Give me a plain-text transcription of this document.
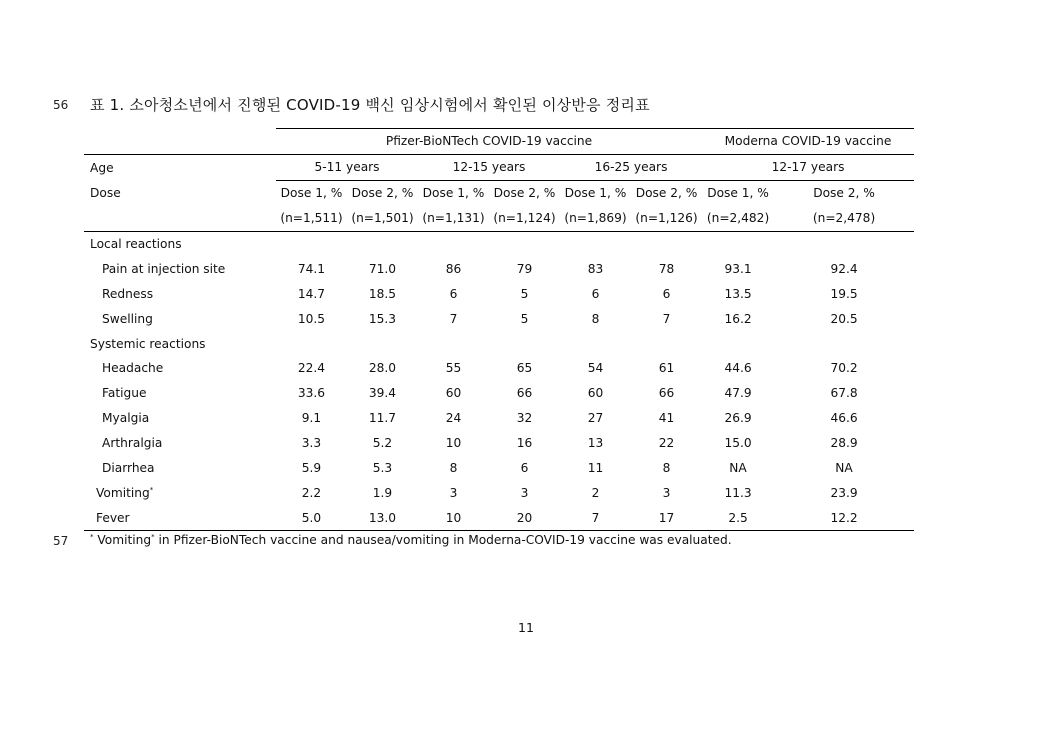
56 표 1. 소아청소년에서 진행된 COVID-19 백신 임상시험에서 확인된 이상반응 정리표
	Pfizer-BioNTech COVID-19 vaccine						Moderna COVID-19 vaccine	
Age	5-11 years		12-15 years		16-25 years		12-17 years	
Dose	Dose 1, %	Dose 2, %	Dose 1, %	Dose 2, %	Dose 1, %	Dose 2, %	Dose 1, %	Dose 2, %
	(n=1,511)	(n=1,501)	(n=1,131)	(n=1,124)	(n=1,869)	(n=1,126)	(n=2,482)	(n=2,478)
Local reactions								
Pain at injection site	74.1	71.0	86	79	83	78	93.1	92.4
Redness	14.7	18.5	6	5	6	6	13.5	19.5
Swelling	10.5	15.3	7	5	8	7	16.2	20.5
Systemic reactions								
Headache	22.4	28.0	55	65	54	61	44.6	70.2
Fatigue	33.6	39.4	60	66	60	66	47.9	67.8
Myalgia	9.1	11.7	24	32	27	41	26.9	46.6
Arthralgia	3.3	5.2	10	16	13	22	15.0	28.9
Diarrhea	5.9	5.3	8	6	11	8	NA	NA
Vomiting*	2.2	1.9	3	3	2	3	11.3	23.9
Fever	5.0	13.0	10	20	7	17	2.5	12.2
57	* Vomiting* in Pfizer-BioNTech vaccine and nausea/vomiting in Moderna-COVID-19 vaccine was evaluated.
11
